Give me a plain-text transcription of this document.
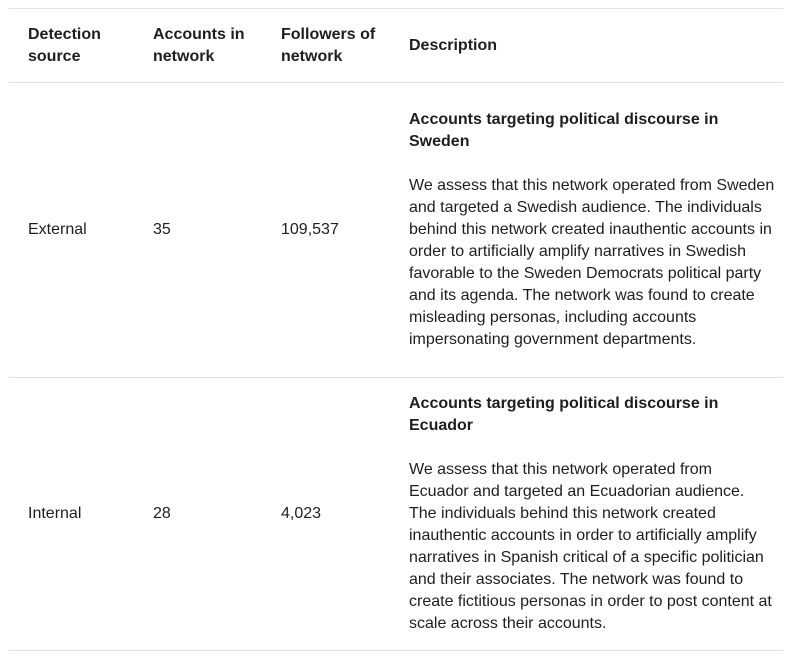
Detection source	Accounts in network	Followers of network	Description
External	35	109,537	Accounts targeting political discourse in Sweden

We assess that this network operated from Sweden and targeted a Swedish audience. The individuals behind this network created inauthentic accounts in order to artificially amplify narratives in Swedish favorable to the Sweden Democrats political party and its agenda. The network was found to create misleading personas, including accounts impersonating government departments.

Internal	28	4,023	Accounts targeting political discourse in Ecuador

We assess that this network operated from Ecuador and targeted an Ecuadorian audience. The individuals behind this network created inauthentic accounts in order to artificially amplify narratives in Spanish critical of a specific politician and their associates. The network was found to create fictitious personas in order to post content at scale across their accounts.
